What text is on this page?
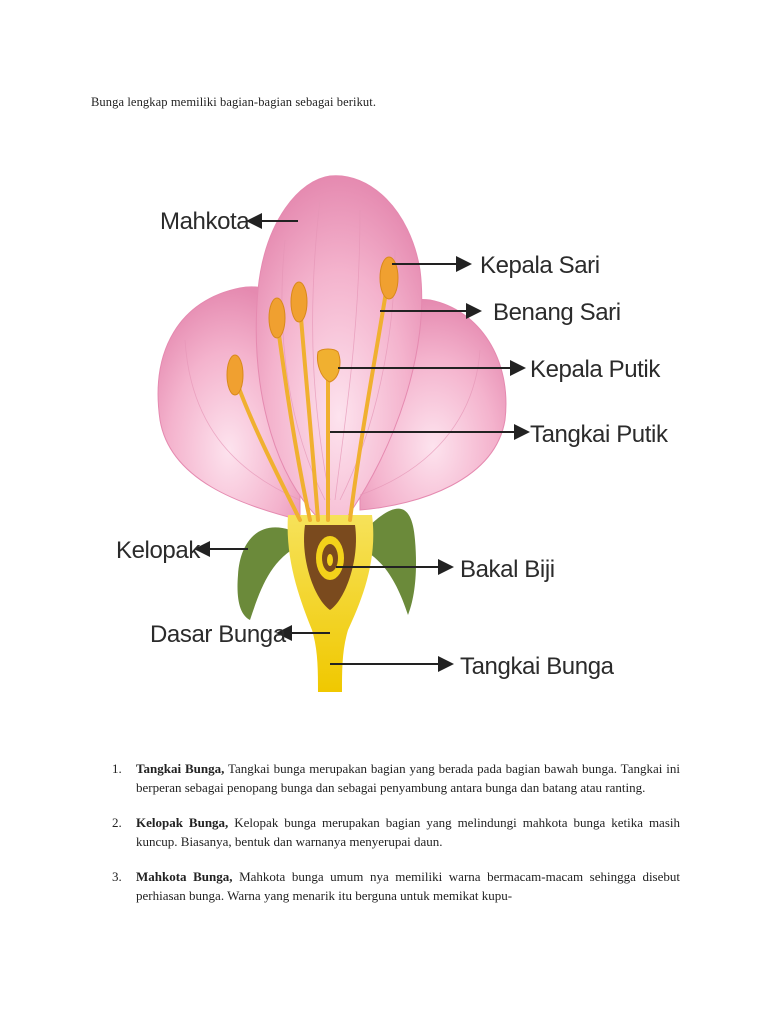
Bunga lengkap memiliki bagian-bagian sebagai berikut.
Mahkota
Kepala Sari
Benang Sari
Kepala Putik
Tangkai Putik
Kelopak
Bakal Biji
Dasar Bunga
Tangkai Bunga
1. Tangkai Bunga, Tangkai bunga merupakan bagian yang berada pada bagian bawah bunga. Tangkai ini berperan sebagai penopang bunga dan sebagai penyambung antara bunga dan batang atau ranting.
2. Kelopak Bunga, Kelopak bunga merupakan bagian yang melindungi mahkota bunga ketika masih kuncup. Biasanya, bentuk dan warnanya menyerupai daun.
3. Mahkota Bunga, Mahkota bunga umum nya memiliki warna bermacam-macam sehingga disebut perhiasan bunga. Warna yang menarik itu berguna untuk memikat kupu-
